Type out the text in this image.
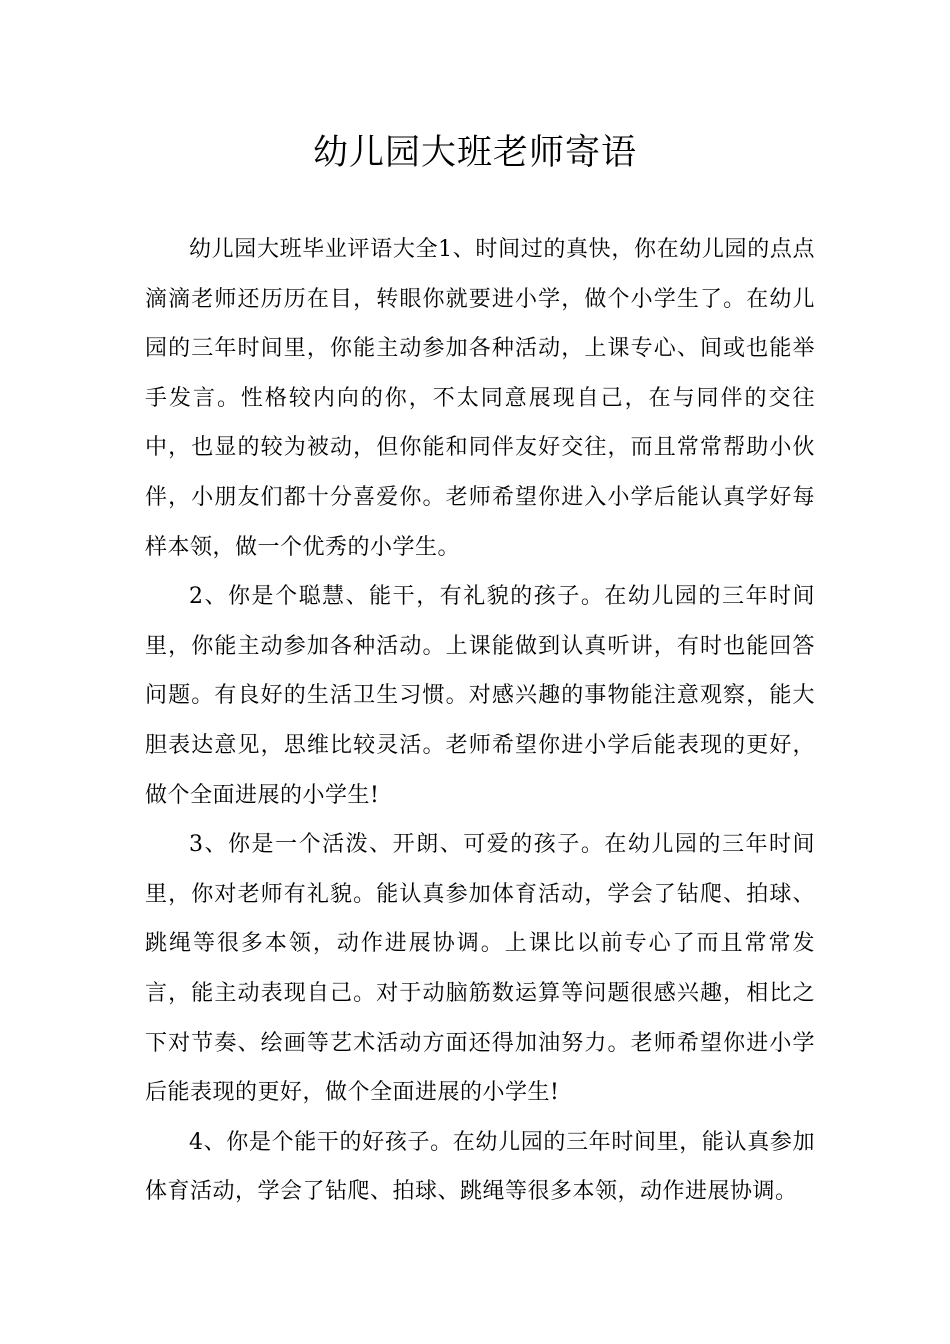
幼儿园大班老师寄语

幼儿园大班毕业评语大全1、时间过的真快，你在幼儿园的点点滴滴老师还历历在目，转眼你就要进小学，做个小学生了。在幼儿园的三年时间里，你能主动参加各种活动，上课专心、间或也能举手发言。性格较内向的你，不太同意展现自己，在与同伴的交往中，也显的较为被动，但你能和同伴友好交往，而且常常帮助小伙伴，小朋友们都十分喜爱你。老师希望你进入小学后能认真学好每样本领，做一个优秀的小学生。

2、你是个聪慧、能干，有礼貌的孩子。在幼儿园的三年时间里，你能主动参加各种活动。上课能做到认真听讲，有时也能回答问题。有良好的生活卫生习惯。对感兴趣的事物能注意观察，能大胆表达意见，思维比较灵活。老师希望你进小学后能表现的更好，做个全面进展的小学生!

3、你是一个活泼、开朗、可爱的孩子。在幼儿园的三年时间里，你对老师有礼貌。能认真参加体育活动，学会了钻爬、拍球、跳绳等很多本领，动作进展协调。上课比以前专心了而且常常发言，能主动表现自己。对于动脑筋数运算等问题很感兴趣，相比之下对节奏、绘画等艺术活动方面还得加油努力。老师希望你进小学后能表现的更好，做个全面进展的小学生!

4、你是个能干的好孩子。在幼儿园的三年时间里，能认真参加体育活动，学会了钻爬、拍球、跳绳等很多本领，动作进展协调。
